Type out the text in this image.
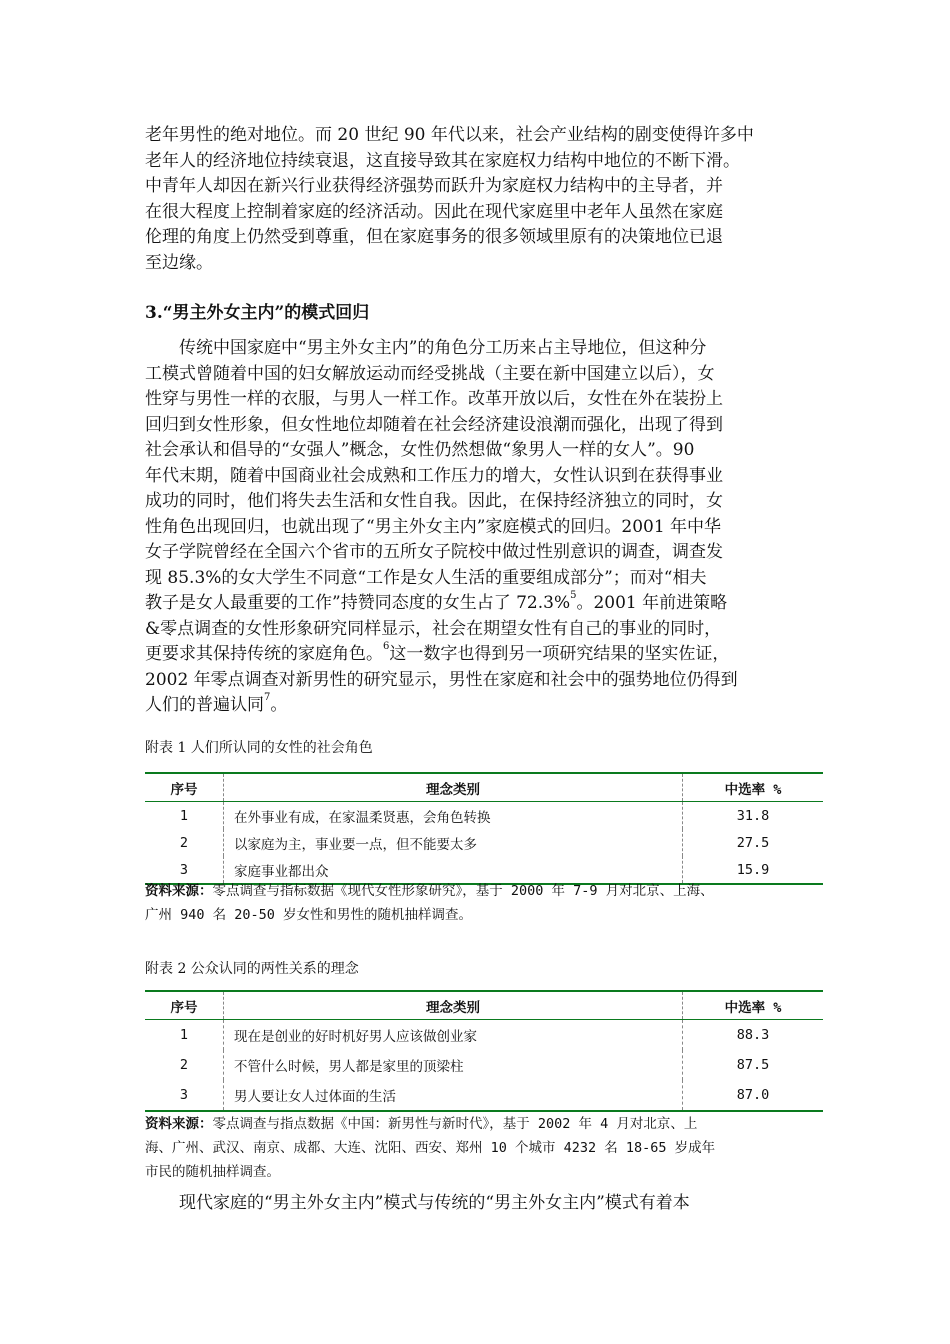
老年男性的绝对地位。而 20 世纪 90 年代以来，社会产业结构的剧变使得许多中
老年人的经济地位持续衰退，这直接导致其在家庭权力结构中地位的不断下滑。
中青年人却因在新兴行业获得经济强势而跃升为家庭权力结构中的主导者，并
在很大程度上控制着家庭的经济活动。因此在现代家庭里中老年人虽然在家庭
伦理的角度上仍然受到尊重，但在家庭事务的很多领域里原有的决策地位已退
至边缘。

3.“男主外女主内”的模式回归

　　传统中国家庭中“男主外女主内”的角色分工历来占主导地位，但这种分
工模式曾随着中国的妇女解放运动而经受挑战（主要在新中国建立以后），女
性穿与男性一样的衣服，与男人一样工作。改革开放以后，女性在外在装扮上
回归到女性形象，但女性地位却随着在社会经济建设浪潮而强化，出现了得到
社会承认和倡导的“女强人”概念，女性仍然想做“象男人一样的女人”。90
年代末期，随着中国商业社会成熟和工作压力的增大，女性认识到在获得事业
成功的同时，他们将失去生活和女性自我。因此，在保持经济独立的同时，女
性角色出现回归，也就出现了“男主外女主内”家庭模式的回归。2001 年中华
女子学院曾经在全国六个省市的五所女子院校中做过性别意识的调查，调查发
现 85.3%的女大学生不同意“工作是女人生活的重要组成部分”；而对“相夫
教子是女人最重要的工作”持赞同态度的女生占了 72.3%$^5$。2001 年前进策略
&零点调查的女性形象研究同样显示，社会在期望女性有自己的事业的同时，
更要求其保持传统的家庭角色。$^6$这一数字也得到另一项研究结果的坚实佐证，
2002 年零点调查对新男性的研究显示，男性在家庭和社会中的强势地位仍得到
人们的普遍认同$^7$。

附表 1 人们所认同的女性的社会角色

序号	理念类别	中选率 %
1	在外事业有成，在家温柔贤惠，会角色转换	31.8
2	以家庭为主，事业要一点，但不能要太多	27.5
3	家庭事业都出众	15.9

资料来源：零点调查与指标数据《现代女性形象研究》，基于 2000 年 7-9 月对北京、上海、
广州 940 名 20-50 岁女性和男性的随机抽样调查。

附表 2 公众认同的两性关系的理念

序号	理念类别	中选率 %
1	现在是创业的好时机好男人应该做创业家	88.3
2	不管什么时候，男人都是家里的顶梁柱	87.5
3	男人要让女人过体面的生活	87.0

资料来源：零点调查与指点数据《中国：新男性与新时代》，基于 2002 年 4 月对北京、上
海、广州、武汉、南京、成都、大连、沈阳、西安、郑州 10 个城市 4232 名 18-65 岁成年
市民的随机抽样调查。

　　现代家庭的“男主外女主内”模式与传统的“男主外女主内”模式有着本
